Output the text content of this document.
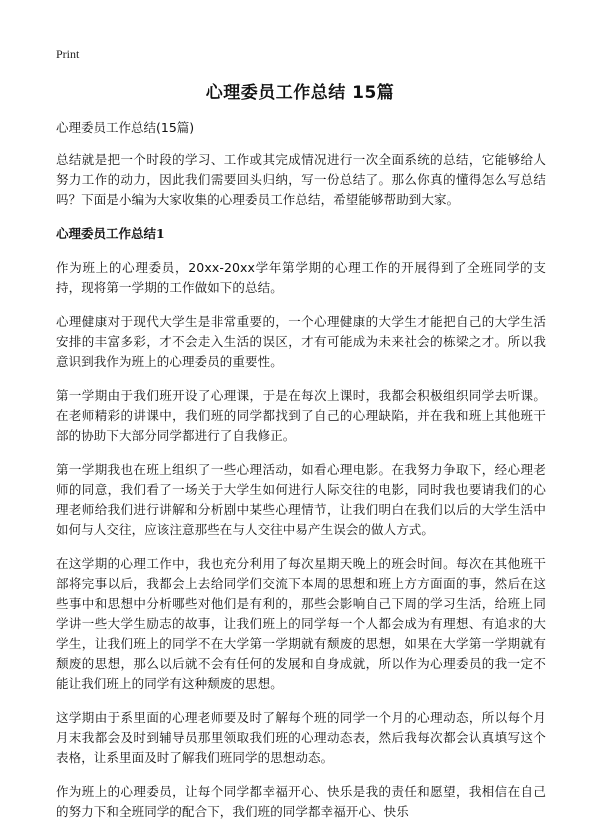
Print
心理委员工作总结 15篇

心理委员工作总结(15篇)

总结就是把一个时段的学习、工作或其完成情况进行一次全面系统的总结，它能够给人努力工作的动力，因此我们需要回头归纳，写一份总结了。那么你真的懂得怎么写总结吗？下面是小编为大家收集的心理委员工作总结，希望能够帮助到大家。

心理委员工作总结1

作为班上的心理委员，20xx-20xx学年第学期的心理工作的开展得到了全班同学的支持，现将第一学期的工作做如下的总结。

心理健康对于现代大学生是非常重要的，一个心理健康的大学生才能把自己的大学生活安排的丰富多彩，才不会走入生活的误区，才有可能成为未来社会的栋梁之才。所以我意识到我作为班上的心理委员的重要性。

第一学期由于我们班开设了心理课，于是在每次上课时，我都会积极组织同学去听课。在老师精彩的讲课中，我们班的同学都找到了自己的心理缺陷，并在我和班上其他班干部的协助下大部分同学都进行了自我修正。

第一学期我也在班上组织了一些心理活动，如看心理电影。在我努力争取下，经心理老师的同意，我们看了一场关于大学生如何进行人际交往的电影，同时我也要请我们的心理老师给我们进行讲解和分析剧中某些心理情节，让我们明白在我们以后的大学生活中如何与人交往，应该注意那些在与人交往中易产生误会的做人方式。

在这学期的心理工作中，我也充分利用了每次星期天晚上的班会时间。每次在其他班干部将完事以后，我都会上去给同学们交流下本周的思想和班上方方面面的事，然后在这些事中和思想中分析哪些对他们是有利的，那些会影响自己下周的学习生活，给班上同学讲一些大学生励志的故事，让我们班上的同学每一个人都会成为有理想、有追求的大学生，让我们班上的同学不在大学第一学期就有颓废的思想，如果在大学第一学期就有颓废的思想，那么以后就不会有任何的发展和自身成就，所以作为心理委员的我一定不能让我们班上的同学有这种颓废的思想。

这学期由于系里面的心理老师要及时了解每个班的同学一个月的心理动态，所以每个月月末我都会及时到辅导员那里领取我们班的心理动态表，然后我每次都会认真填写这个表格，让系里面及时了解我们班同学的思想动态。

作为班上的心理委员，让每个同学都幸福开心、快乐是我的责任和愿望，我相信在自己的努力下和全班同学的配合下，我们班的同学都幸福开心、快乐
